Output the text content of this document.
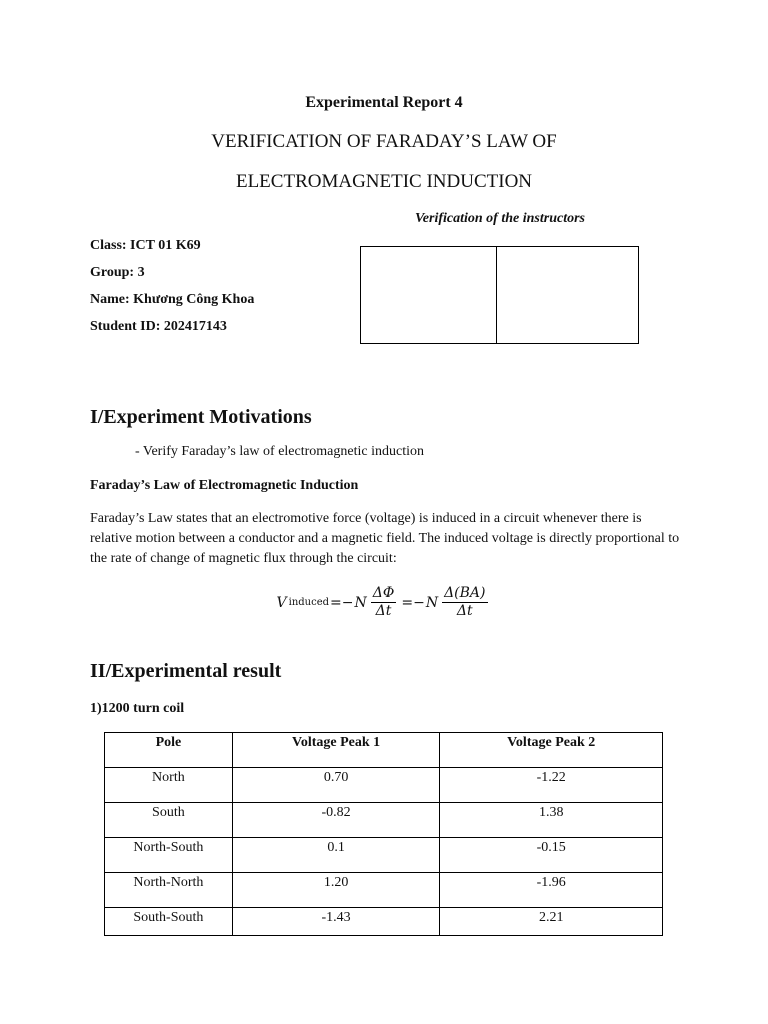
Experimental Report 4
VERIFICATION OF FARADAY’S LAW OF
ELECTROMAGNETIC INDUCTION
Verification of the instructors
Class: ICT 01 K69
Group: 3
Name: Khương Công Khoa
Student ID: 202417143
I/Experiment Motivations
- Verify Faraday’s law of electromagnetic induction
Faraday’s Law of Electromagnetic Induction
Faraday’s Law states that an electromotive force (voltage) is induced in a circuit whenever there is relative motion between a conductor and a magnetic field. The induced voltage is directly proportional to the rate of change of magnetic flux through the circuit:
V induced =− N $\frac{\Delta\Phi}{\Delta t} =- N \frac{\Delta(BA)}{\Delta t}$
II/Experimental result
1)1200 turn coil
Pole	Voltage Peak 1	Voltage Peak 2
North	0.70	-1.22
South	-0.82	1.38
North-South	0.1	-0.15
North-North	1.20	-1.96
South-South	-1.43	2.21
